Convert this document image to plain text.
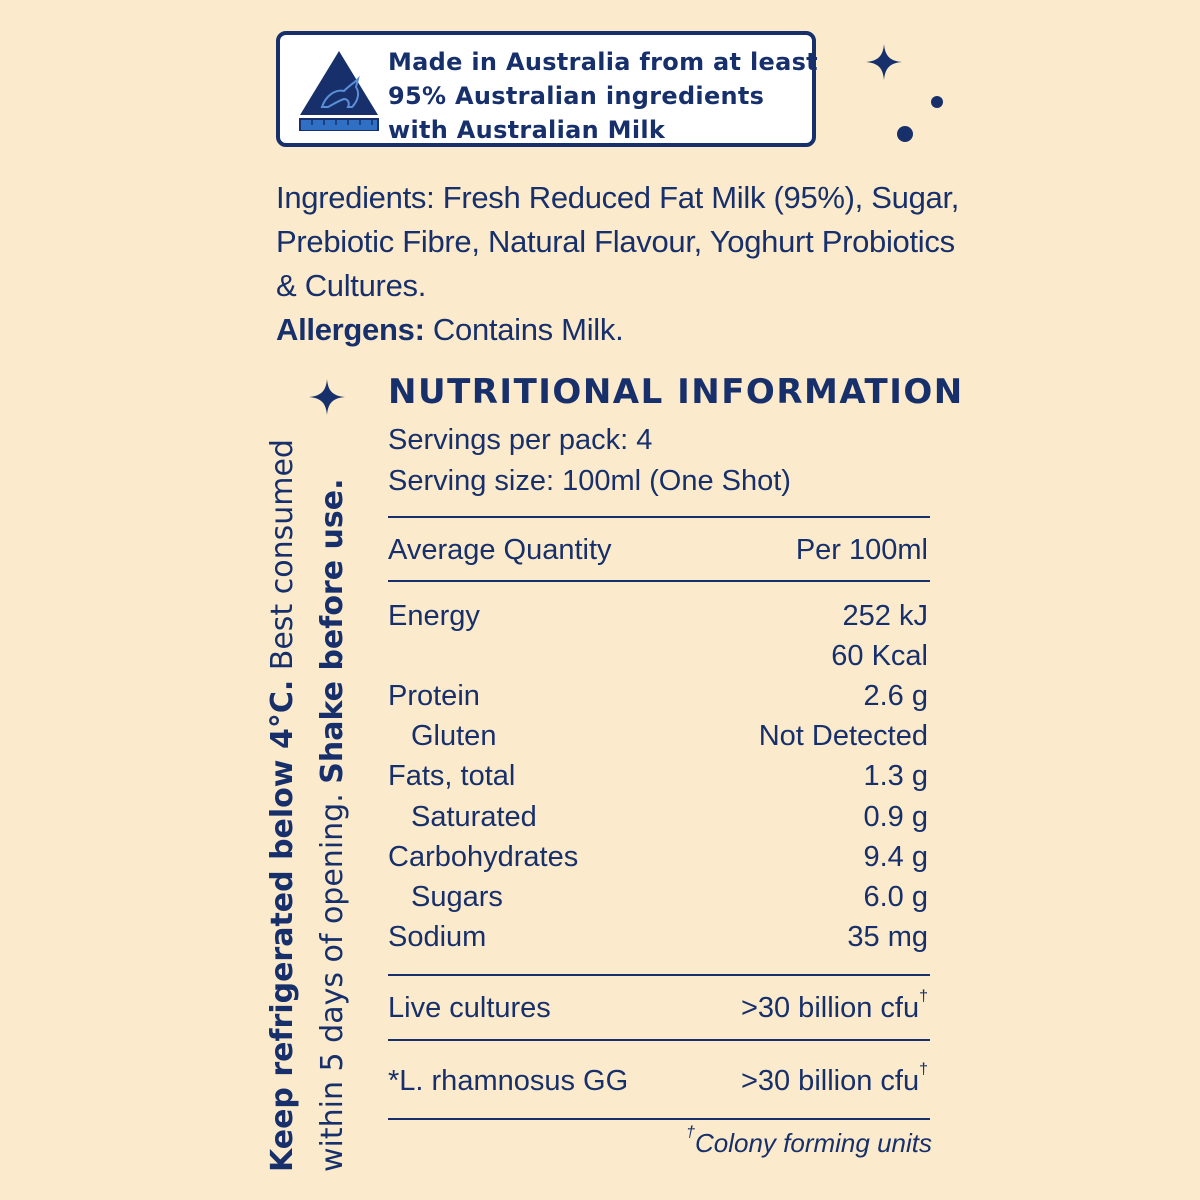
Made in Australia from at least
95% Australian ingredients
with Australian Milk
Ingredients: Fresh Reduced Fat Milk (95%), Sugar,
Prebiotic Fibre, Natural Flavour, Yoghurt Probiotics
& Cultures.
Allergens: Contains Milk.
Keep refrigerated below 4°C. Best consumed
within 5 days of opening. Shake before use.
NUTRITIONAL INFORMATION
Servings per pack: 4
Serving size: 100ml (One Shot)
Average Quantity	Per 100ml
Energy	252 kJ
60 Kcal
Protein	2.6 g
Gluten	Not Detected
Fats, total	1.3 g
Saturated	0.9 g
Carbohydrates	9.4 g
Sugars	6.0 g
Sodium	35 mg
Live cultures	>30 billion cfu†
*L. rhamnosus GG	>30 billion cfu†
†Colony forming units
